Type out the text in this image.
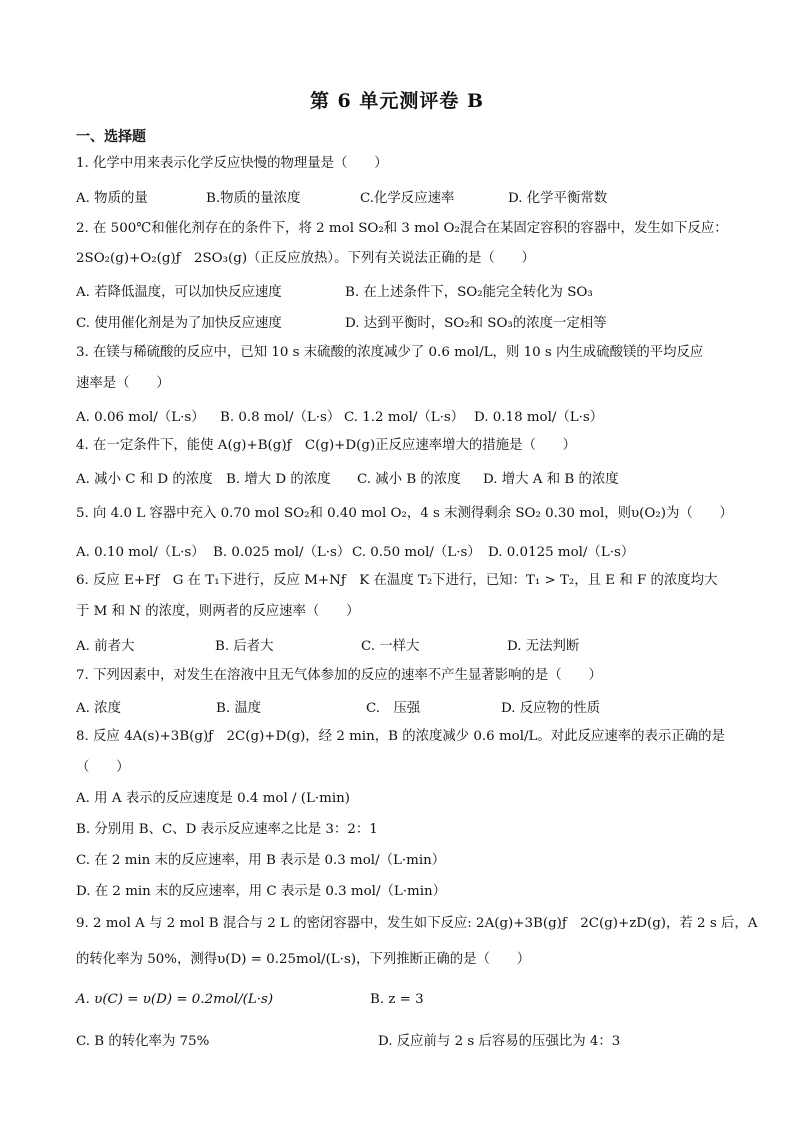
第 6 单元测评卷 B
一、选择题
1. 化学中用来表示化学反应快慢的物理量是（　　）
A. 物质的量	B.物质的量浓度	C.化学反应速率	D. 化学平衡常数
2. 在 500℃和催化剂存在的条件下，将 2 mol SO₂和 3 mol O₂混合在某固定容积的容器中，发生如下反应：
2SO₂(g)+O₂(g)ƒ　2SO₃(g)（正反应放热）。下列有关说法正确的是（　　）
A. 若降低温度，可以加快反应速度	B. 在上述条件下，SO₂能完全转化为 SO₃
C. 使用催化剂是为了加快反应速度	D. 达到平衡时，SO₂和 SO₃的浓度一定相等
3. 在镁与稀硫酸的反应中，已知 10 s 末硫酸的浓度减少了 0.6 mol/L，则 10 s 内生成硫酸镁的平均反应
速率是（　　）
A. 0.06 mol/（L·s） B. 0.8 mol/（L·s） C. 1.2 mol/（L·s） D. 0.18 mol/（L·s）
4. 在一定条件下，能使 A(g)+B(g)ƒ　C(g)+D(g)正反应速率增大的措施是（　　）
A. 减小 C 和 D 的浓度 B. 增大 D 的浓度 C. 减小 B 的浓度 D. 增大 A 和 B 的浓度
5. 向 4.0 L 容器中充入 0.70 mol SO₂和 0.40 mol O₂，4 s 末测得剩余 SO₂ 0.30 mol，则υ(O₂)为（　　）
A. 0.10 mol/（L·s） B. 0.025 mol/（L·s） C. 0.50 mol/（L·s） D. 0.0125 mol/（L·s）
6. 反应 E+Fƒ　G 在 T₁下进行，反应 M+Nƒ　K 在温度 T₂下进行，已知：T₁ > T₂，且 E 和 F 的浓度均大
于 M 和 N 的浓度，则两者的反应速率（　　）
A. 前者大	B. 后者大	C. 一样大	D. 无法判断
7. 下列因素中，对发生在溶液中且无气体参加的反应的速率不产生显著影响的是（　　）
A. 浓度	B. 温度	C.　压强	D. 反应物的性质
8. 反应 4A(s)+3B(g)ƒ　2C(g)+D(g)，经 2 min，B 的浓度减少 0.6 mol/L。对此反应速率的表示正确的是
（　　）
A. 用 A 表示的反应速度是 0.4 mol / (L·min)
B. 分别用 B、C、D 表示反应速率之比是 3：2：1
C. 在 2 min 末的反应速率，用 B 表示是 0.3 mol/（L·min）
D. 在 2 min 末的反应速率，用 C 表示是 0.3 mol/（L·min）
9. 2 mol A 与 2 mol B 混合与 2 L 的密闭容器中，发生如下反应: 2A(g)+3B(g)ƒ　2C(g)+zD(g)，若 2 s 后，A
的转化率为 50%，测得υ(D) = 0.25mol/(L·s)，下列推断正确的是（　　）
A. υ(C) = υ(D) = 0.2mol/(L·s)	B. z = 3
C. B 的转化率为 75%	D. 反应前与 2 s 后容易的压强比为 4：3
